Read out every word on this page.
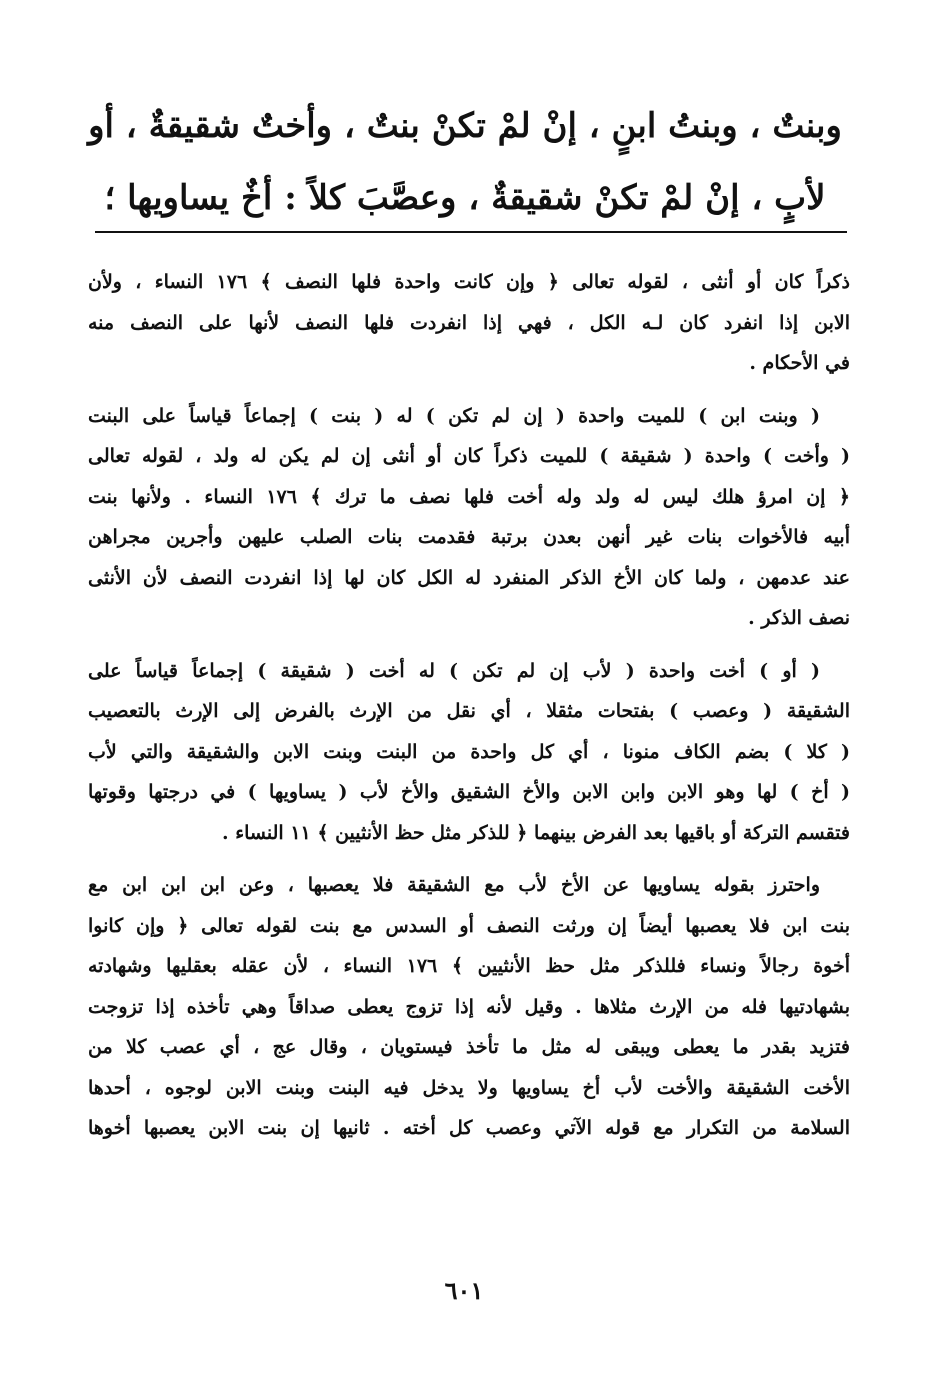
وبنتٌ ، وبنتُ ابنٍ ، إنْ لمْ تكنْ بنتٌ ، وأختٌ شقيقةٌ ، أو
لأبٍ ، إنْ لمْ تكنْ شقيقةٌ ، وعصَّبَ كلاً : أخٌ يساويها ؛
ذكراً كان أو أنثى ، لقوله تعالى ﴿ وإن كانت واحدة فلها النصف ﴾ ١٧٦ النساء ، ولأن
الابن إذا انفرد كان لـه الكل ، فهي إذا انفردت فلها النصف لأنها على النصف منه
في الأحكام .
( وبنت ابن ) للميت واحدة ( إن لم تكن ) له ( بنت ) إجماعاً قياساً على البنت
( وأخت ) واحدة ( شقيقة ) للميت ذكراً كان أو أنثى إن لم يكن له ولد ، لقوله تعالى
﴿ إن امرؤ هلك ليس له ولد وله أخت فلها نصف ما ترك ﴾ ١٧٦ النساء . ولأنها بنت
أبيه فالأخوات بنات غير أنهن بعدن برتبة فقدمت بنات الصلب عليهن وأجرين مجراهن
عند عدمهن ، ولما كان الأخ الذكر المنفرد له الكل كان لها إذا انفردت النصف لأن الأنثى
نصف الذكر .
( أو ) أخت واحدة ( لأب إن لم تكن ) له أخت ( شقيقة ) إجماعاً قياساً على
الشقيقة ( وعصب ) بفتحات مثقلا ، أي نقل من الإرث بالفرض إلى الإرث بالتعصيب
( كلا ) بضم الكاف منونا ، أي كل واحدة من البنت وبنت الابن والشقيقة والتي لأب
( أخ ) لها وهو الابن وابن الابن والأخ الشقيق والأخ لأب ( يساويها ) في درجتها وقوتها
فتقسم التركة أو باقيها بعد الفرض بينهما ﴿ للذكر مثل حظ الأنثيين ﴾ ١١ النساء .
واحترز بقوله يساويها عن الأخ لأب مع الشقيقة فلا يعصبها ، وعن ابن ابن ابن مع
بنت ابن فلا يعصبها أيضاً إن ورثت النصف أو السدس مع بنت لقوله تعالى ﴿ وإن كانوا
أخوة رجالاً ونساء فللذكر مثل حظ الأنثيين ﴾ ١٧٦ النساء ، لأن عقله بعقليها وشهادته
بشهادتيها فله من الإرث مثلاها . وقيل لأنه إذا تزوج يعطى صداقاً وهي تأخذه إذا تزوجت
فتزيد بقدر ما يعطى ويبقى له مثل ما تأخذ فيستويان ، وقال عج ، أي عصب كلا من
الأخت الشقيقة والأخت لأب أخ يساويها ولا يدخل فيه البنت وبنت الابن لوجوه ، أحدها
السلامة من التكرار مع قوله الآتي وعصب كل أخته . ثانيها إن بنت الابن يعصبها أخوها
٦٠١
